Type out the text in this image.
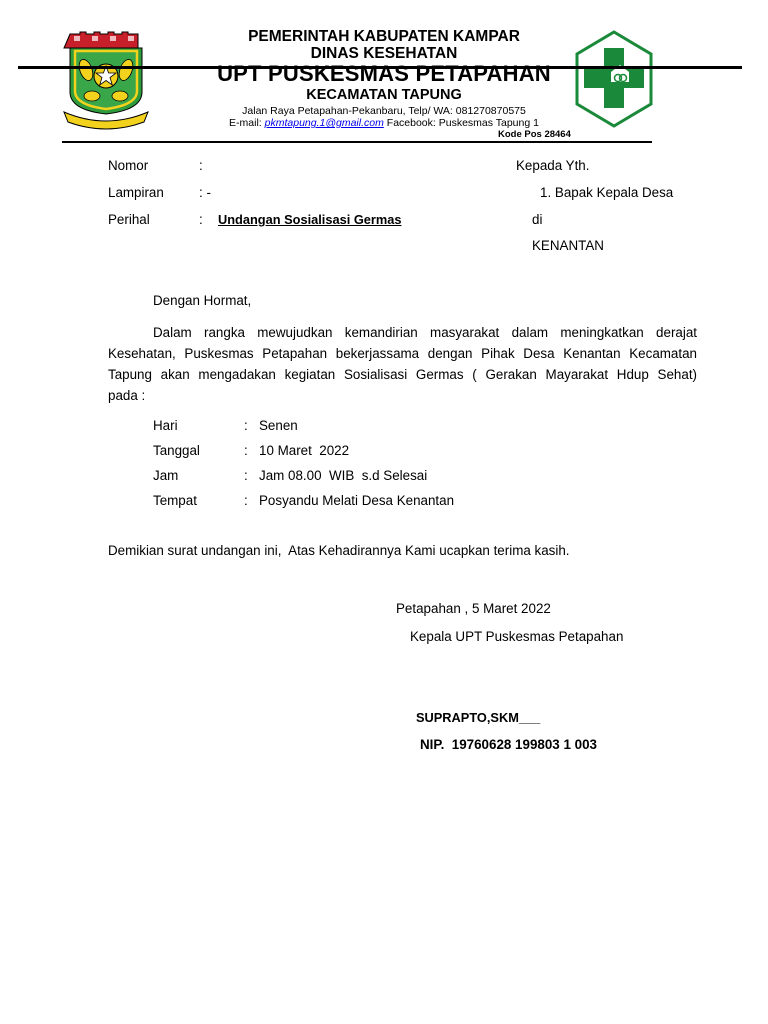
PEMERINTAH KABUPATEN KAMPAR
DINAS KESEHATAN
UPT PUSKESMAS PETAPAHAN
KECAMATAN TAPUNG
Jalan Raya Petapahan-Pekanbaru, Telp/ WA: 081270870575
E-mail: pkmtapung.1@gmail.com Facebook: Puskesmas Tapung 1
Kode Pos 28464
Nomor	:
Lampiran	: -
Perihal	: Undangan Sosialisasi Germas
Kepada Yth.
1. Bapak Kepala Desa
di
KENANTAN
Dengan Hormat,
Dalam rangka mewujudkan kemandirian masyarakat dalam meningkatkan derajat
Kesehatan, Puskesmas Petapahan bekerjassama dengan Pihak Desa Kenantan Kecamatan
Tapung akan mengadakan kegiatan Sosialisasi Germas ( Gerakan Mayarakat Hdup Sehat)
pada :
Hari	: Senen
Tanggal	: 10 Maret  2022
Jam	: Jam 08.00  WIB  s.d Selesai
Tempat	: Posyandu Melati Desa Kenantan
Demikian surat undangan ini,  Atas Kehadirannya Kami ucapkan terima kasih.
Petapahan , 5 Maret 2022
Kepala UPT Puskesmas Petapahan
SUPRAPTO,SKM___
NIP.  19760628 199803 1 003
